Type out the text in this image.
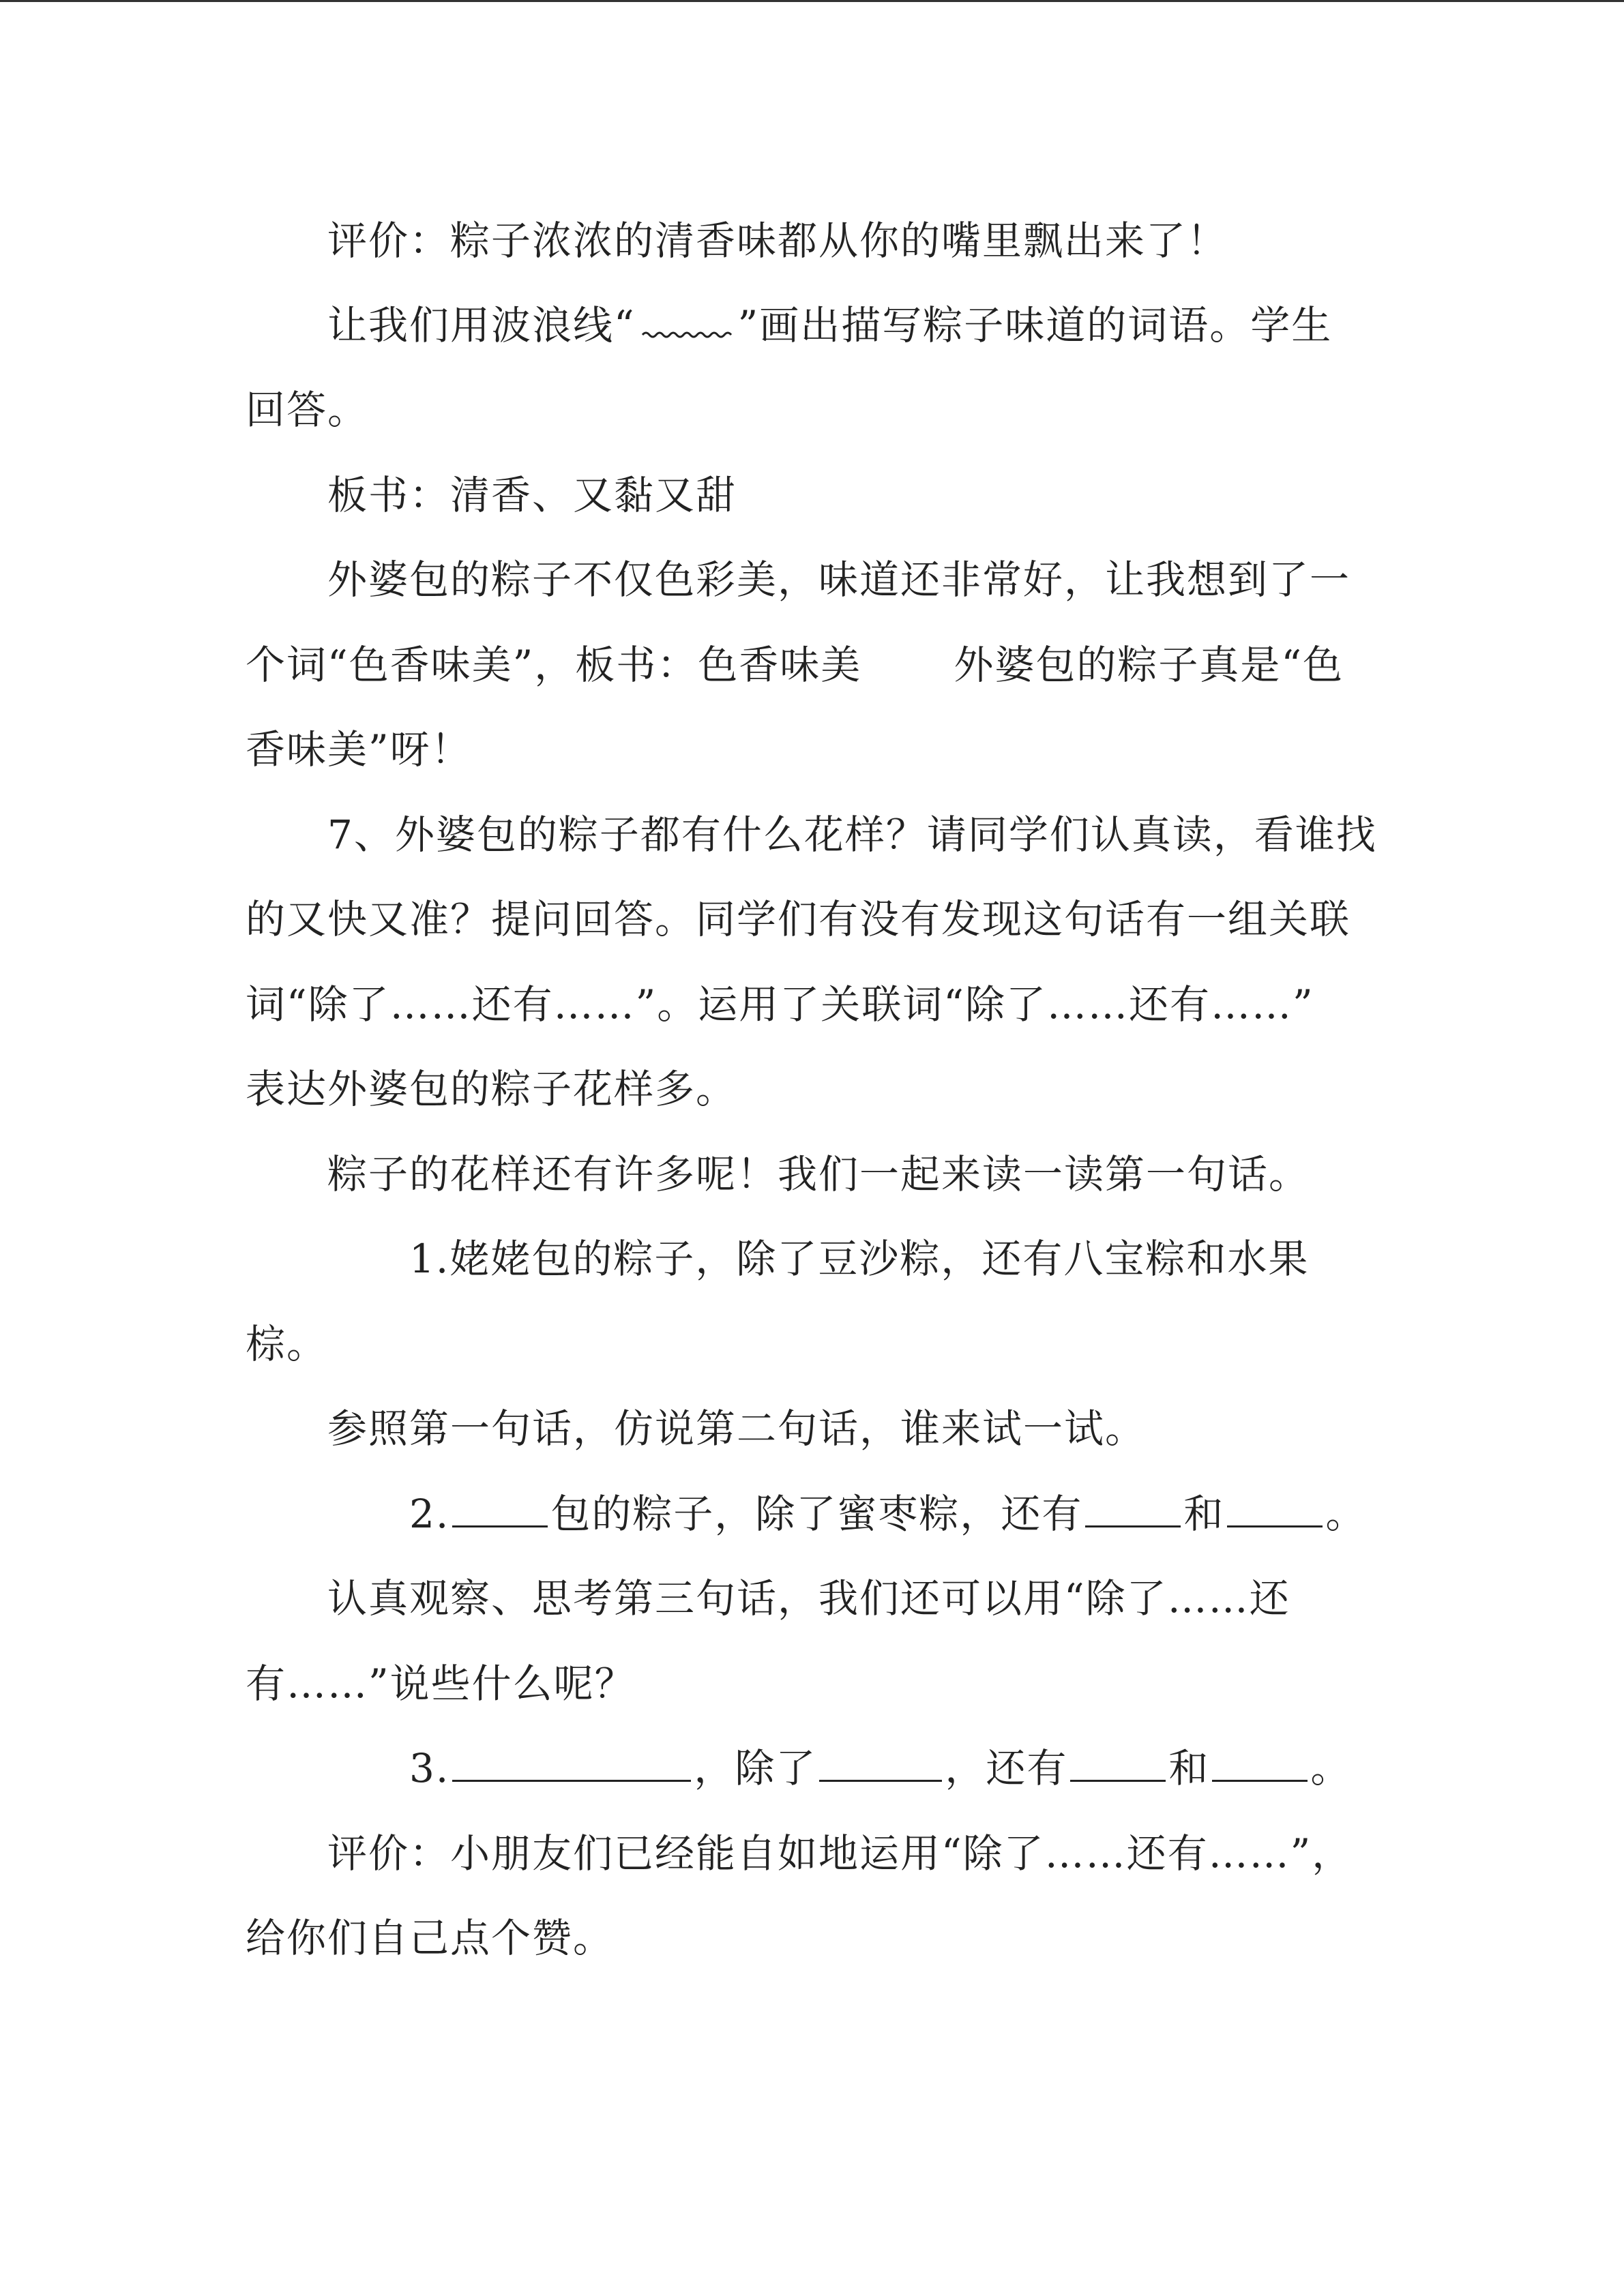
评价：粽子浓浓的清香味都从你的嘴里飘出来了！
让我们用波浪线“	”画出描写粽子味道的词语。学生
回答。
板书：清香、又黏又甜
外婆包的粽子不仅色彩美，味道还非常好，让我想到了一
个词“色香味美”，板书：色香味美 外婆包的粽子真是“色
香味美”呀！
7、外婆包的粽子都有什么花样？请同学们认真读，看谁找
的又快又准？提问回答。同学们有没有发现这句话有一组关联
词“除了……还有……”。运用了关联词“除了……还有……”
表达外婆包的粽子花样多。
粽子的花样还有许多呢！我们一起来读一读第一句话。
1.姥姥包的粽子，除了豆沙粽，还有八宝粽和水果
棕。
参照第一句话，仿说第二句话，谁来试一试。
2.	包的粽子，除了蜜枣粽，还有	和	。
认真观察、思考第三句话，我们还可以用“除了……还
有……”说些什么呢？
3.	，除了	，还有	和	。
评价：小朋友们已经能自如地运用“除了……还有……”，
给你们自己点个赞。
